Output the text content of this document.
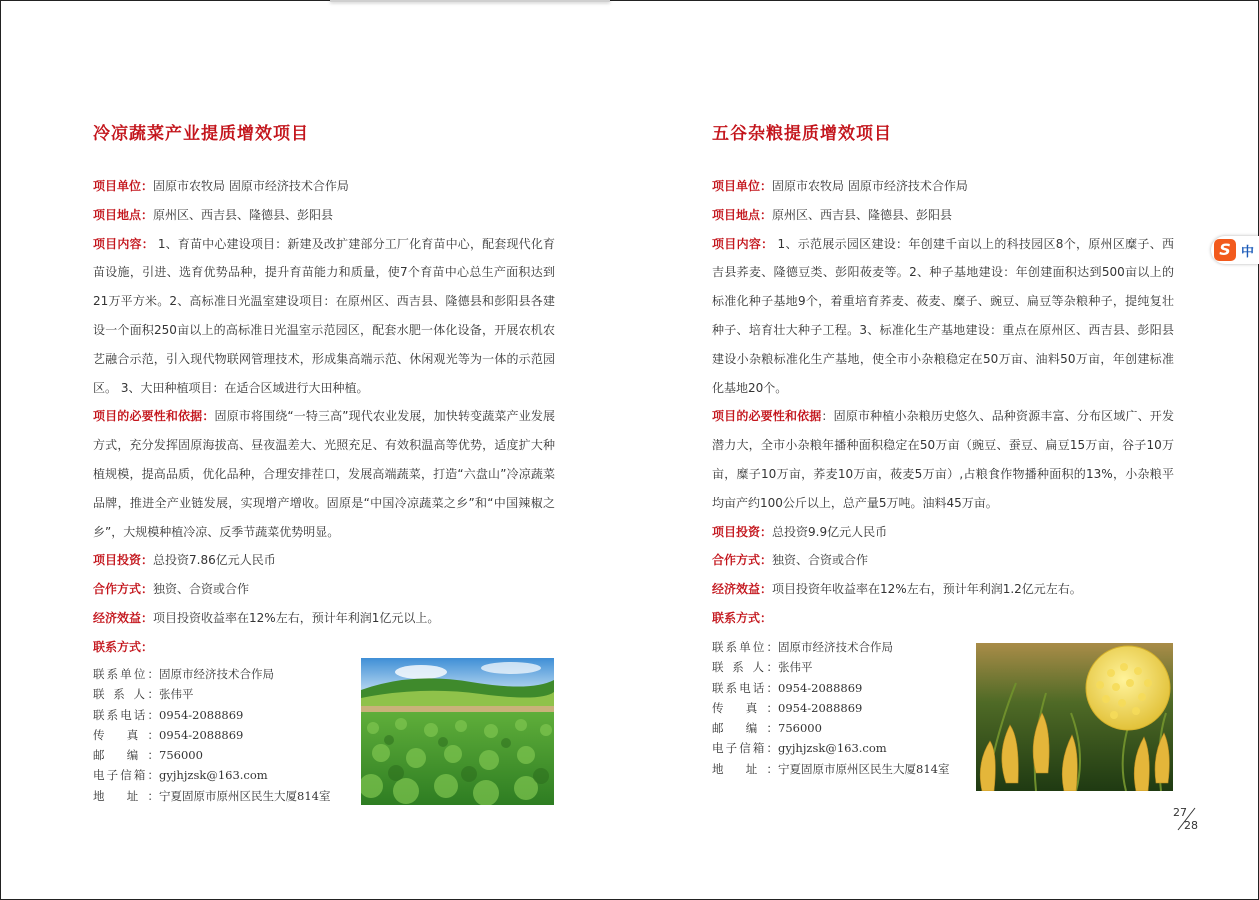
冷凉蔬菜产业提质增效项目

项目单位：固原市农牧局 固原市经济技术合作局

项目地点：原州区、西吉县、隆德县、彭阳县

项目内容： 1、育苗中心建设项目：新建及改扩建部分工厂化育苗中心，配套现代化育苗设施，引进、选育优势品种，提升育苗能力和质量，使7个育苗中心总生产面积达到21万平方米。2、高标准日光温室建设项目：在原州区、西吉县、隆德县和彭阳县各建设一个面积250亩以上的高标准日光温室示范园区，配套水肥一体化设备，开展农机农艺融合示范，引入现代物联网管理技术，形成集高端示范、休闲观光等为一体的示范园区。 3、大田种植项目：在适合区域进行大田种植。

项目的必要性和依据：固原市将围绕“一特三高”现代农业发展，加快转变蔬菜产业发展方式，充分发挥固原海拔高、昼夜温差大、光照充足、有效积温高等优势，适度扩大种植规模，提高品质，优化品种，合理安排茬口，发展高端蔬菜，打造“六盘山”冷凉蔬菜品牌，推进全产业链发展，实现增产增收。固原是“中国冷凉蔬菜之乡”和“中国辣椒之乡”，大规模种植冷凉、反季节蔬菜优势明显。

项目投资：总投资7.86亿元人民币

合作方式：独资、合资或合作

经济效益：项目投资收益率在12%左右，预计年利润1亿元以上。

联系方式：

联系单位：固原市经济技术合作局
联 系 人：张伟平
联系电话：0954-2088869
传 真：0954-2088869
邮 编：756000
电子信箱：gyjhjzsk@163.com
地 址：宁夏固原市原州区民生大厦814室
五谷杂粮提质增效项目

项目单位：固原市农牧局 固原市经济技术合作局

项目地点：原州区、西吉县、隆德县、彭阳县

项目内容： 1、示范展示园区建设：年创建千亩以上的科技园区8个，原州区糜子、西吉县荞麦、隆德豆类、彭阳莜麦等。2、种子基地建设：年创建面积达到500亩以上的标准化种子基地9个，着重培育荞麦、莜麦、糜子、豌豆、扁豆等杂粮种子，提纯复壮种子、培育壮大种子工程。3、标准化生产基地建设：重点在原州区、西吉县、彭阳县建设小杂粮标准化生产基地，使全市小杂粮稳定在50万亩、油料50万亩，年创建标准化基地20个。

项目的必要性和依据：固原市种植小杂粮历史悠久、品种资源丰富、分布区域广、开发潜力大，全市小杂粮年播种面积稳定在50万亩（豌豆、蚕豆、扁豆15万亩，谷子10万亩，糜子10万亩，荞麦10万亩，莜麦5万亩）,占粮食作物播种面积的13%，小杂粮平均亩产约100公斤以上，总产量5万吨。油料45万亩。

项目投资：总投资9.9亿元人民币

合作方式：独资、合资或合作

经济效益：项目投资年收益率在12%左右，预计年利润1.2亿元左右。

联系方式：

联系单位：固原市经济技术合作局
联 系 人：张伟平
联系电话：0954-2088869
传 真：0954-2088869
邮 编：756000
电子信箱：gyjhjzsk@163.com
地 址：宁夏固原市原州区民生大厦814室
27
28
S 中
